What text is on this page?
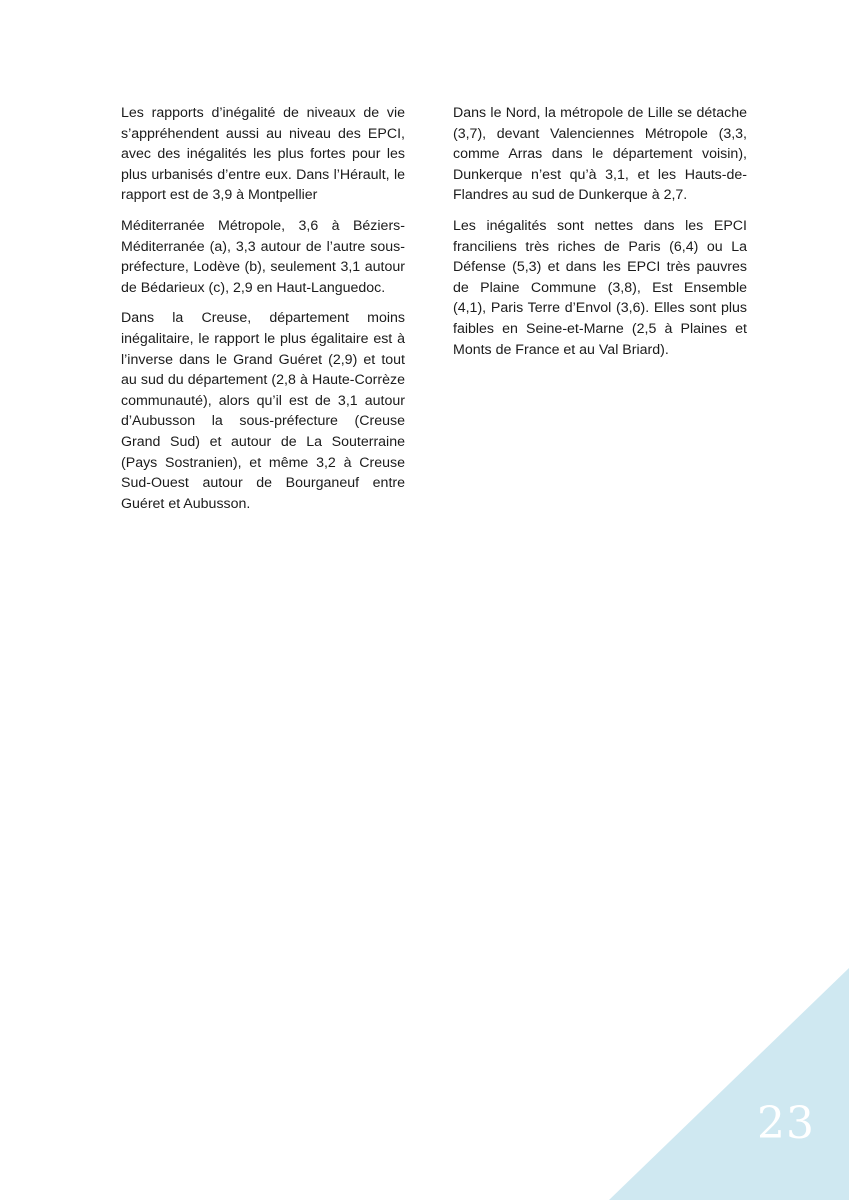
Les rapports d’inégalité de niveaux de vie s’appréhendent aussi au niveau des EPCI, avec des inégalités les plus fortes pour les plus urbanisés d’entre eux. Dans l’Hérault, le rapport est de 3,9 à Montpellier

Méditerranée Métropole, 3,6 à Béziers-Méditerranée (a), 3,3 autour de l’autre sous-préfecture, Lodève (b), seulement 3,1 autour de Bédarieux (c), 2,9 en Haut-Languedoc.

Dans la Creuse, département moins inégalitaire, le rapport le plus égalitaire est à l’inverse dans le Grand Guéret (2,9) et tout au sud du département (2,8 à Haute-Corrèze communauté), alors qu’il est de 3,1 autour d’Aubusson la sous-préfecture (Creuse Grand Sud) et autour de La Souterraine (Pays Sostranien), et même 3,2 à Creuse Sud-Ouest autour de Bourganeuf entre Guéret et Aubusson.

Dans le Nord, la métropole de Lille se détache (3,7), devant Valenciennes Métropole (3,3, comme Arras dans le département voisin), Dunkerque n’est qu’à 3,1, et les Hauts-de-Flandres au sud de Dunkerque à 2,7.

Les inégalités sont nettes dans les EPCI franciliens très riches de Paris (6,4) ou La Défense (5,3) et dans les EPCI très pauvres de Plaine Commune (3,8), Est Ensemble (4,1), Paris Terre d’Envol (3,6). Elles sont plus faibles en Seine-et-Marne (2,5 à Plaines et Monts de France et au Val Briard).

23
